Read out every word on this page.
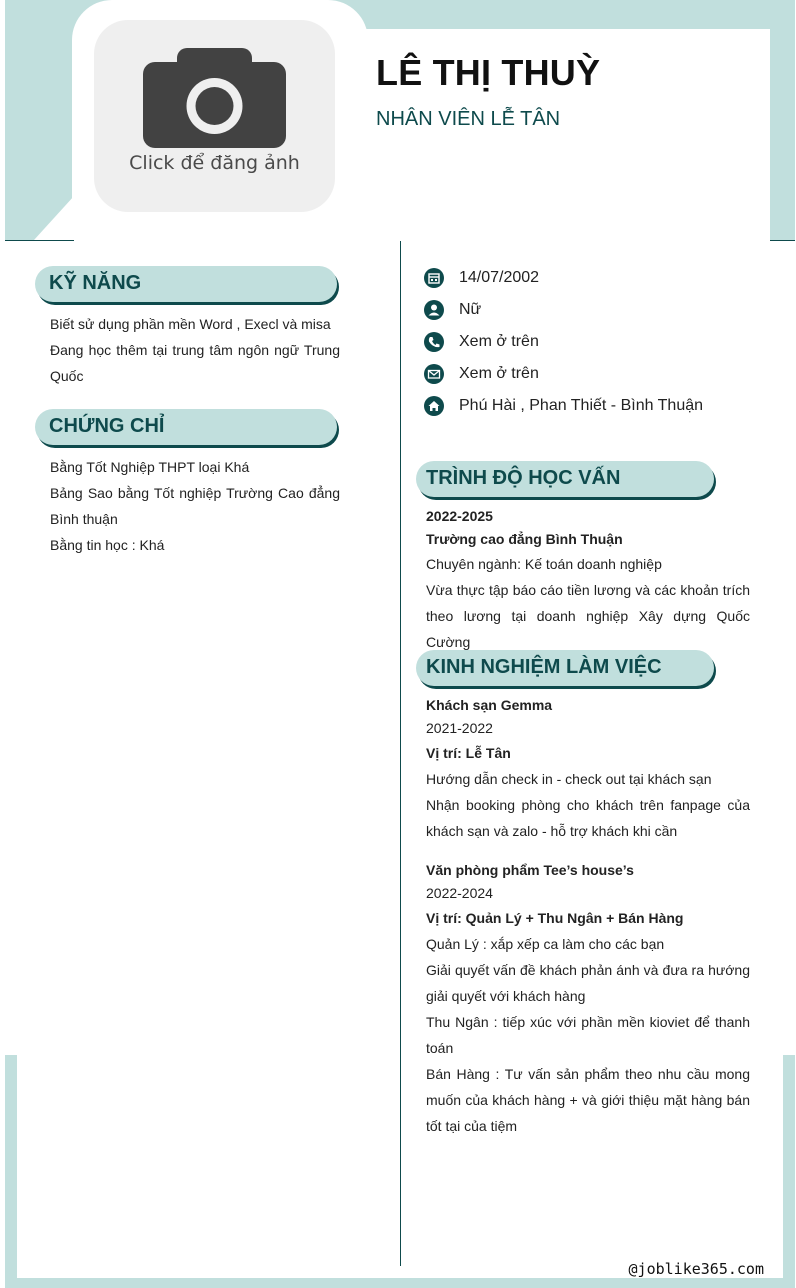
Click để đăng ảnh
LÊ THỊ THUỲ
NHÂN VIÊN LỄ TÂN
KỸ NĂNG
Biết sử dụng phần mền Word , Execl và misa
Đang học thêm tại trung tâm ngôn ngữ Trung Quốc
CHỨNG CHỈ
Bằng Tốt Nghiệp THPT loại Khá
Bảng Sao bằng Tốt nghiệp Trường Cao đẳng Bình thuận
Bằng tin học : Khá
14/07/2002
Nữ
Xem ở trên
Xem ở trên
Phú Hài , Phan Thiết - Bình Thuận
TRÌNH ĐỘ HỌC VẤN
2022-2025
Trường cao đẳng Bình Thuận
Chuyên ngành: Kế toán doanh nghiệp
Vừa thực tập báo cáo tiền lương và các khoản trích theo lương tại doanh nghiệp Xây dựng Quốc Cường
KINH NGHIỆM LÀM VIỆC
Khách sạn Gemma
2021-2022
Vị trí: Lễ Tân
Hướng dẫn check in - check out tại khách sạn
Nhận booking phòng cho khách trên fanpage của khách sạn và zalo - hỗ trợ khách khi cần
Văn phòng phẩm Tee’s house’s
2022-2024
Vị trí: Quản Lý + Thu Ngân + Bán Hàng
Quản Lý : xắp xếp ca làm cho các bạn
Giải quyết vấn đề khách phản ánh và đưa ra hướng giải quyết với khách hàng
Thu Ngân : tiếp xúc với phần mền kioviet để thanh toán
Bán Hàng : Tư vấn sản phẩm theo nhu cầu mong muốn của khách hàng + và giới thiệu mặt hàng bán tốt tại của tiệm
@joblike365.com
